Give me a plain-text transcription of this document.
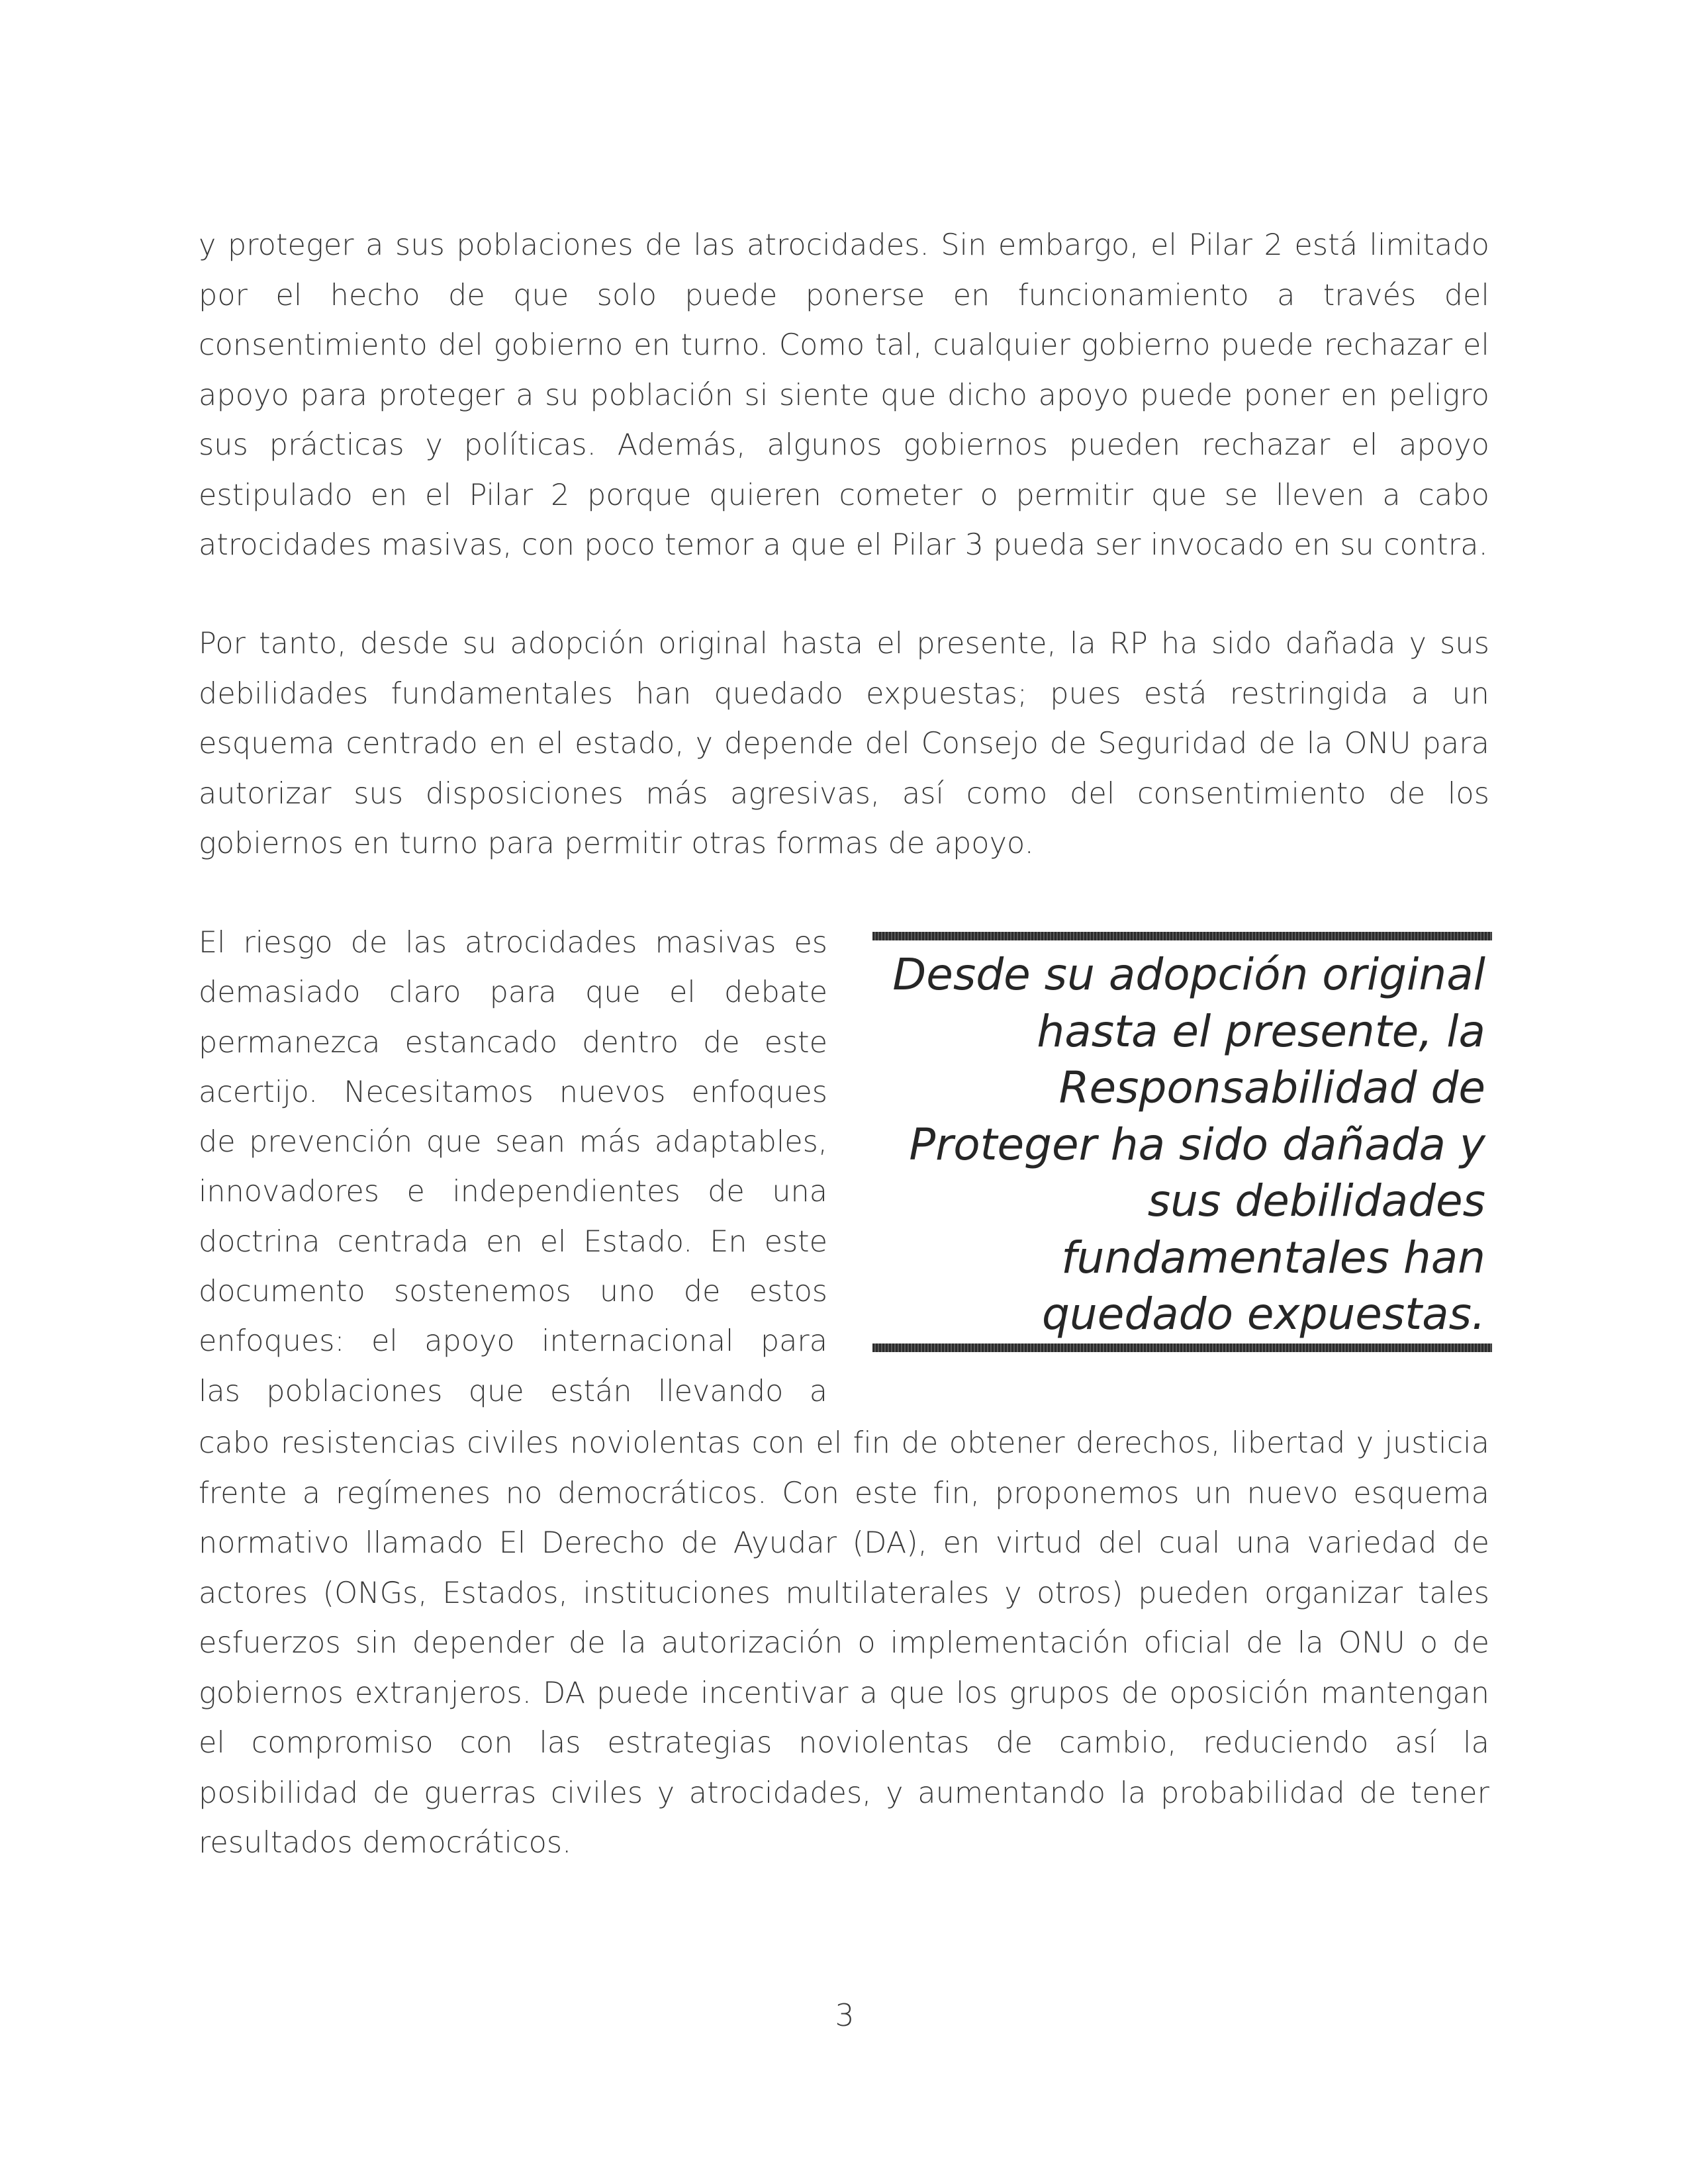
y proteger a sus poblaciones de las atrocidades. Sin embargo, el Pilar 2 está limitado por el hecho de que solo puede ponerse en funcionamiento a través del consentimiento del gobierno en turno. Como tal, cualquier gobierno puede rechazar el apoyo para proteger a su población si siente que dicho apoyo puede poner en peligro sus prácticas y políticas. Además, algunos gobiernos pueden rechazar el apoyo estipulado en el Pilar 2 porque quieren cometer o permitir que se lleven a cabo atrocidades masivas, con poco temor a que el Pilar 3 pueda ser invocado en su contra.

Por tanto, desde su adopción original hasta el presente, la RP ha sido dañada y sus debilidades fundamentales han quedado expuestas; pues está restringida a un esquema centrado en el estado, y depende del Consejo de Seguridad de la ONU para autorizar sus disposiciones más agresivas, así como del consentimiento de los gobiernos en turno para permitir otras formas de apoyo.

El riesgo de las atrocidades masivas es
demasiado claro para que el debate
permanezca estancado dentro de este
acertijo. Necesitamos nuevos enfoques
de prevención que sean más adaptables,
innovadores e independientes de una
doctrina centrada en el Estado. En este
documento sostenemos uno de estos
enfoques: el apoyo internacional para
las poblaciones que están llevando a

Desde su adopción original
hasta el presente, la
Responsabilidad de
Proteger ha sido dañada y
sus debilidades
fundamentales han
quedado expuestas.

cabo resistencias civiles noviolentas con el fin de obtener derechos, libertad y justicia frente a regímenes no democráticos. Con este fin, proponemos un nuevo esquema normativo llamado El Derecho de Ayudar (DA), en virtud del cual una variedad de actores (ONGs, Estados, instituciones multilaterales y otros) pueden organizar tales esfuerzos sin depender de la autorización o implementación oficial de la ONU o de gobiernos extranjeros. DA puede incentivar a que los grupos de oposición mantengan el compromiso con las estrategias noviolentas de cambio, reduciendo así la posibilidad de guerras civiles y atrocidades, y aumentando la probabilidad de tener resultados democráticos.

3
